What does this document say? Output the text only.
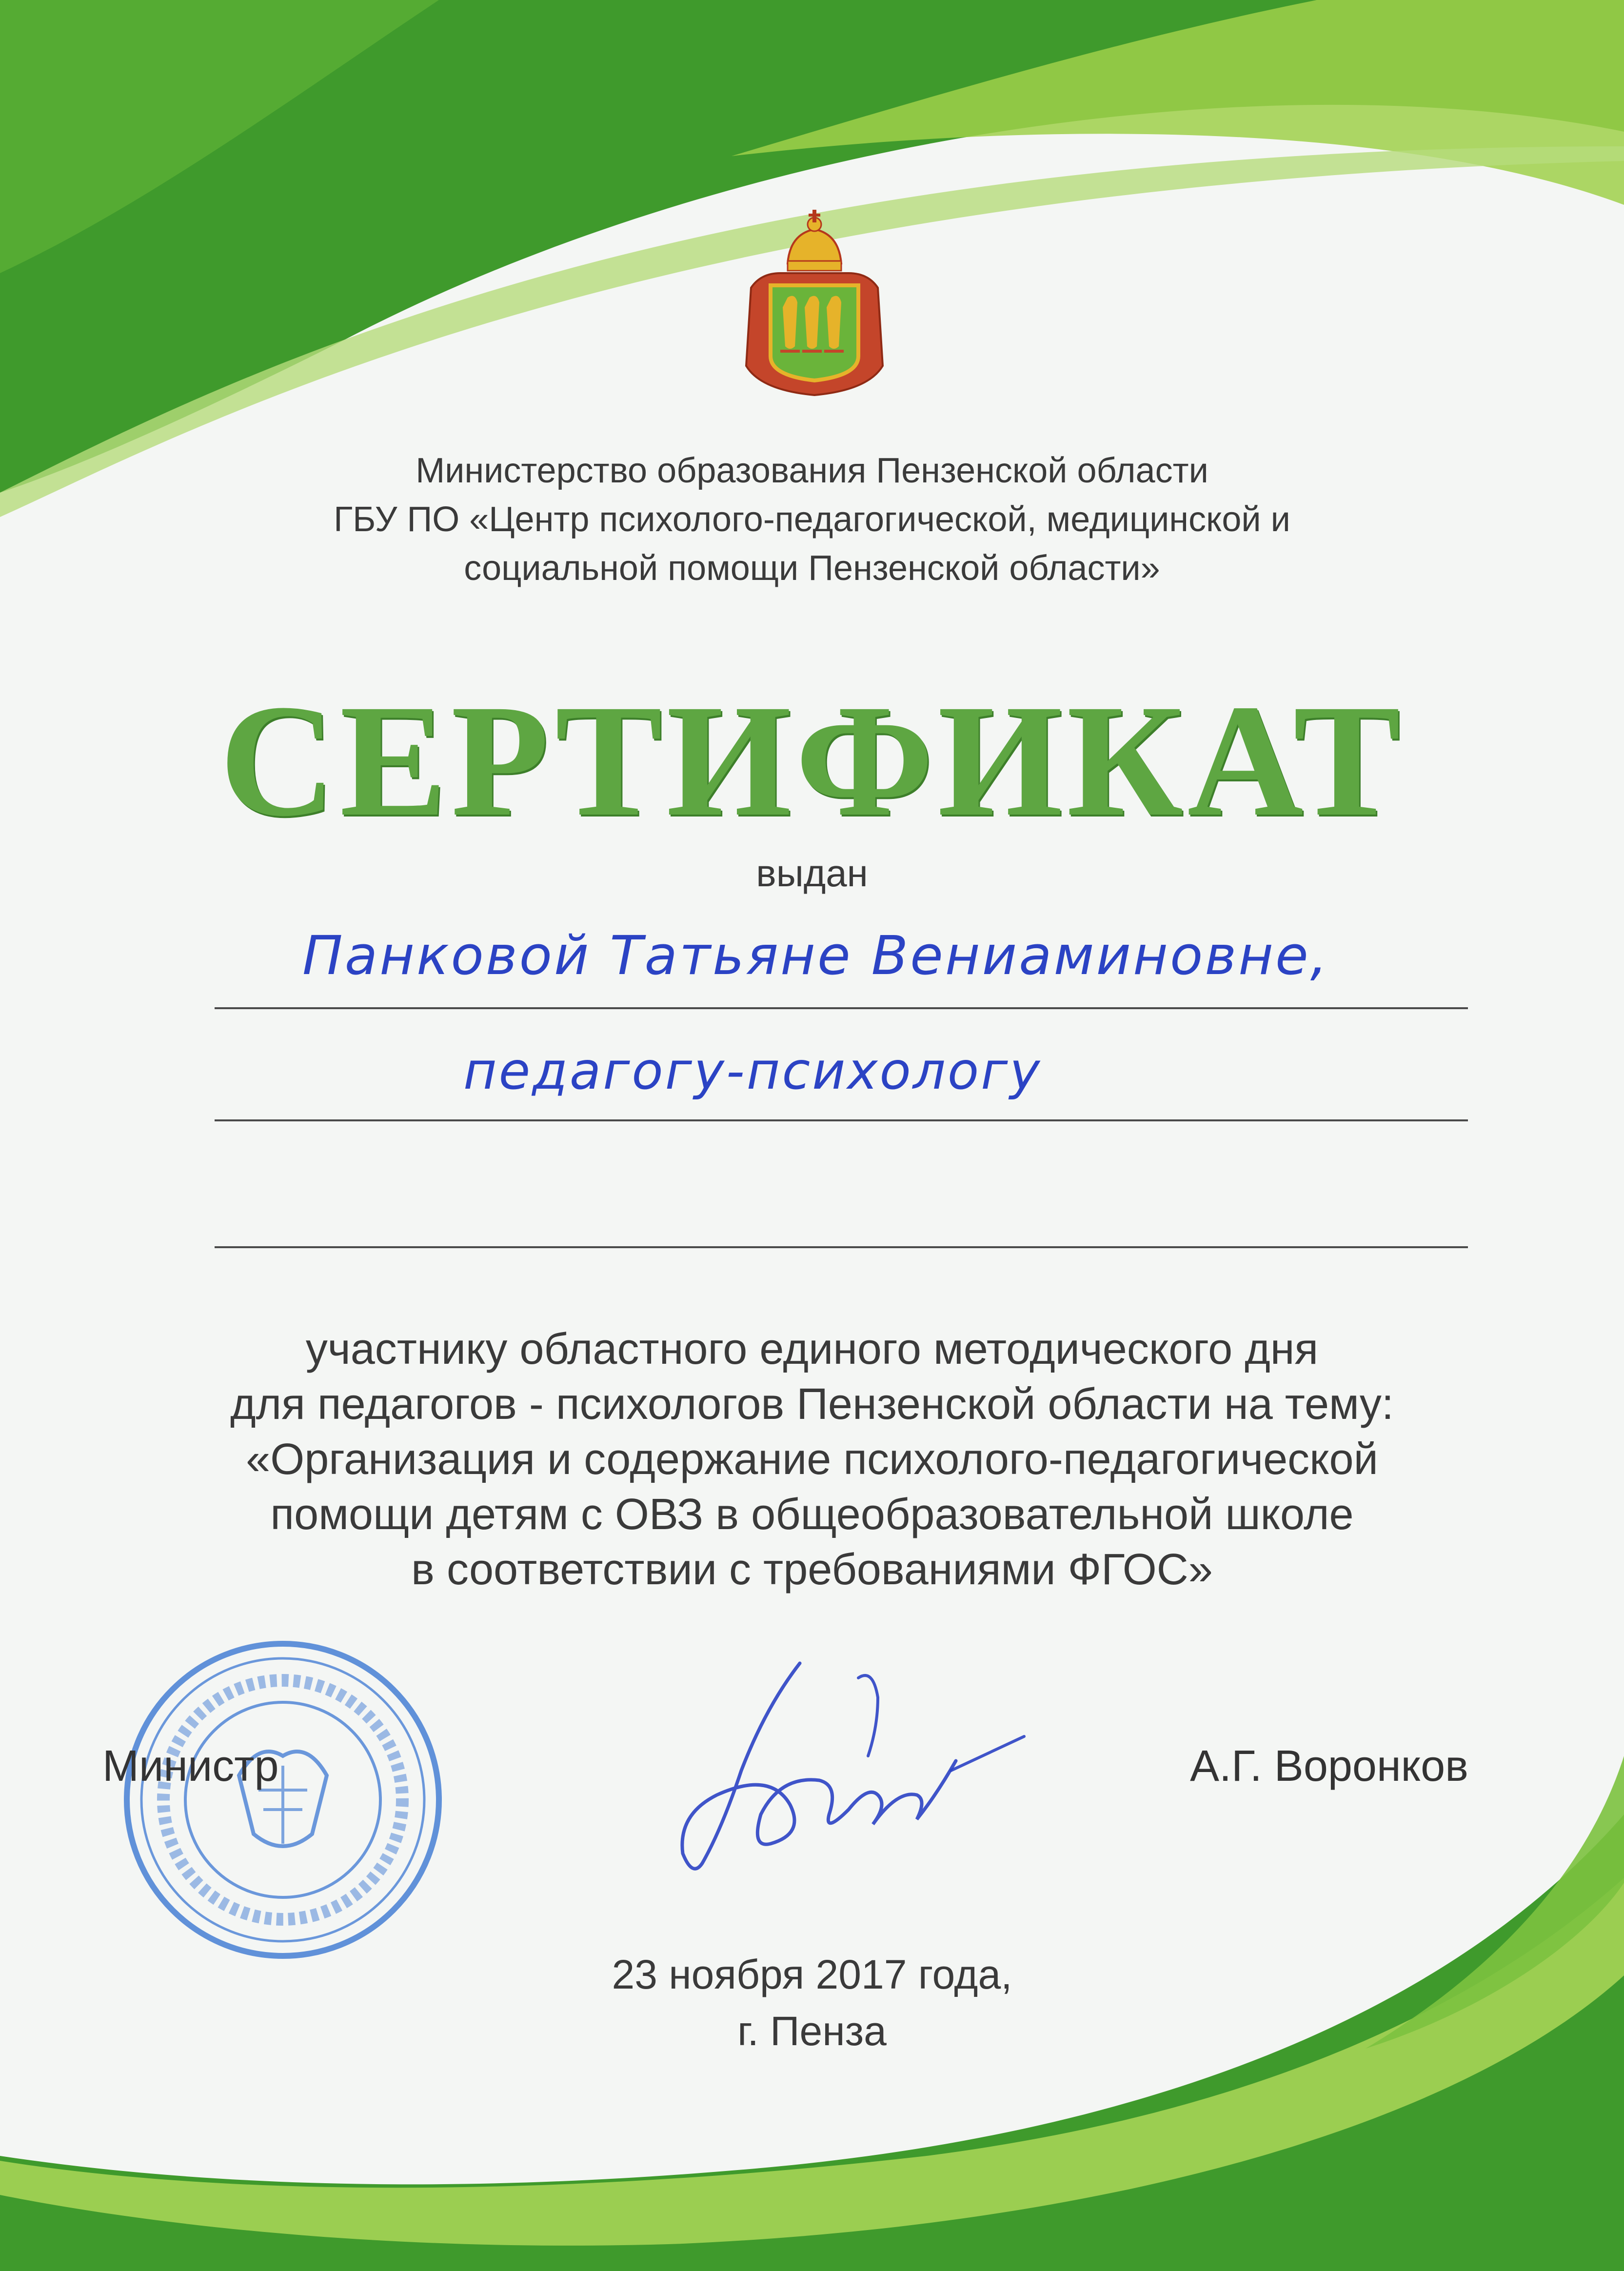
Министерство образования Пензенской области
ГБУ ПО «Центр психолого-педагогической, медицинской и
социальной помощи Пензенской области»
СЕРТИФИКАТ
выдан
Панковой Татьяне Вениаминовне,
педагогу-психологу
участнику областного единого методического дня
для педагогов - психологов Пензенской области на тему:
«Организация и содержание психолого-педагогической
помощи детям с ОВЗ в общеобразовательной школе
в соответствии с требованиями ФГОС»
Министр	А.Г. Воронков
23 ноября 2017 года,
г. Пенза
